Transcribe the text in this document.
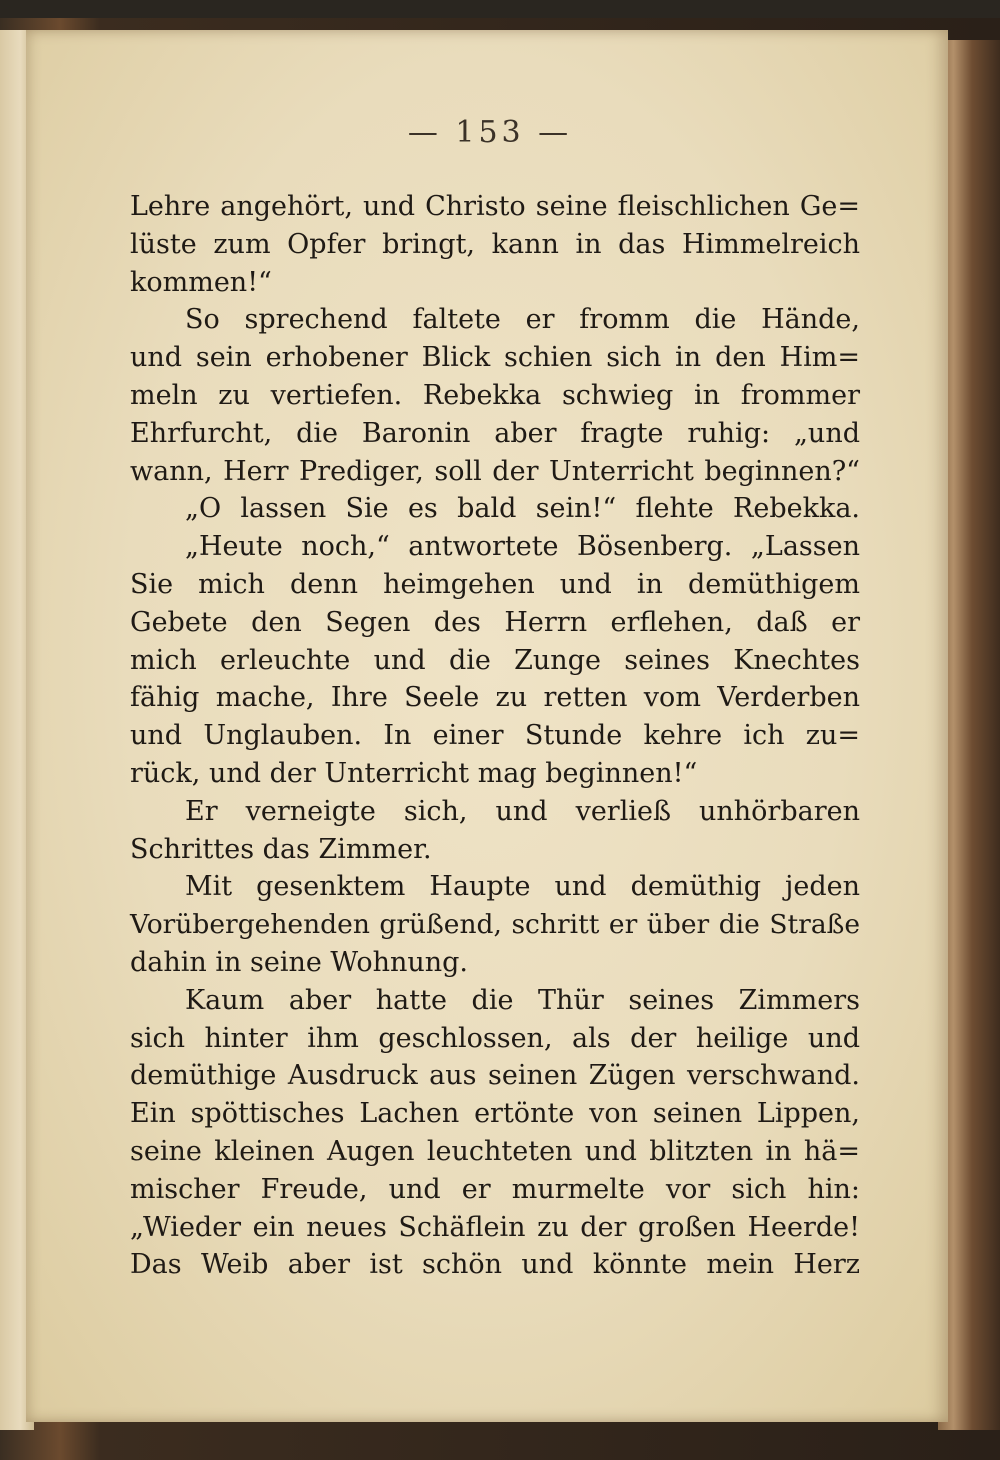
— 153 —
Lehre angehört, und Christo seine fleischlichen Ge=
lüste zum Opfer bringt, kann in das Himmelreich
kommen!“
So sprechend faltete er fromm die Hände,
und sein erhobener Blick schien sich in den Him=
meln zu vertiefen. Rebekka schwieg in frommer
Ehrfurcht, die Baronin aber fragte ruhig: „und
wann, Herr Prediger, soll der Unterricht beginnen?“
„O lassen Sie es bald sein!“ flehte Rebekka.
„Heute noch,“ antwortete Bösenberg. „Lassen
Sie mich denn heimgehen und in demüthigem
Gebete den Segen des Herrn erflehen, daß er
mich erleuchte und die Zunge seines Knechtes
fähig mache, Ihre Seele zu retten vom Verderben
und Unglauben. In einer Stunde kehre ich zu=
rück, und der Unterricht mag beginnen!“
Er verneigte sich, und verließ unhörbaren
Schrittes das Zimmer.
Mit gesenktem Haupte und demüthig jeden
Vorübergehenden grüßend, schritt er über die Straße
dahin in seine Wohnung.
Kaum aber hatte die Thür seines Zimmers
sich hinter ihm geschlossen, als der heilige und
demüthige Ausdruck aus seinen Zügen verschwand.
Ein spöttisches Lachen ertönte von seinen Lippen,
seine kleinen Augen leuchteten und blitzten in hä=
mischer Freude, und er murmelte vor sich hin:
„Wieder ein neues Schäflein zu der großen Heerde!
Das Weib aber ist schön und könnte mein Herz
